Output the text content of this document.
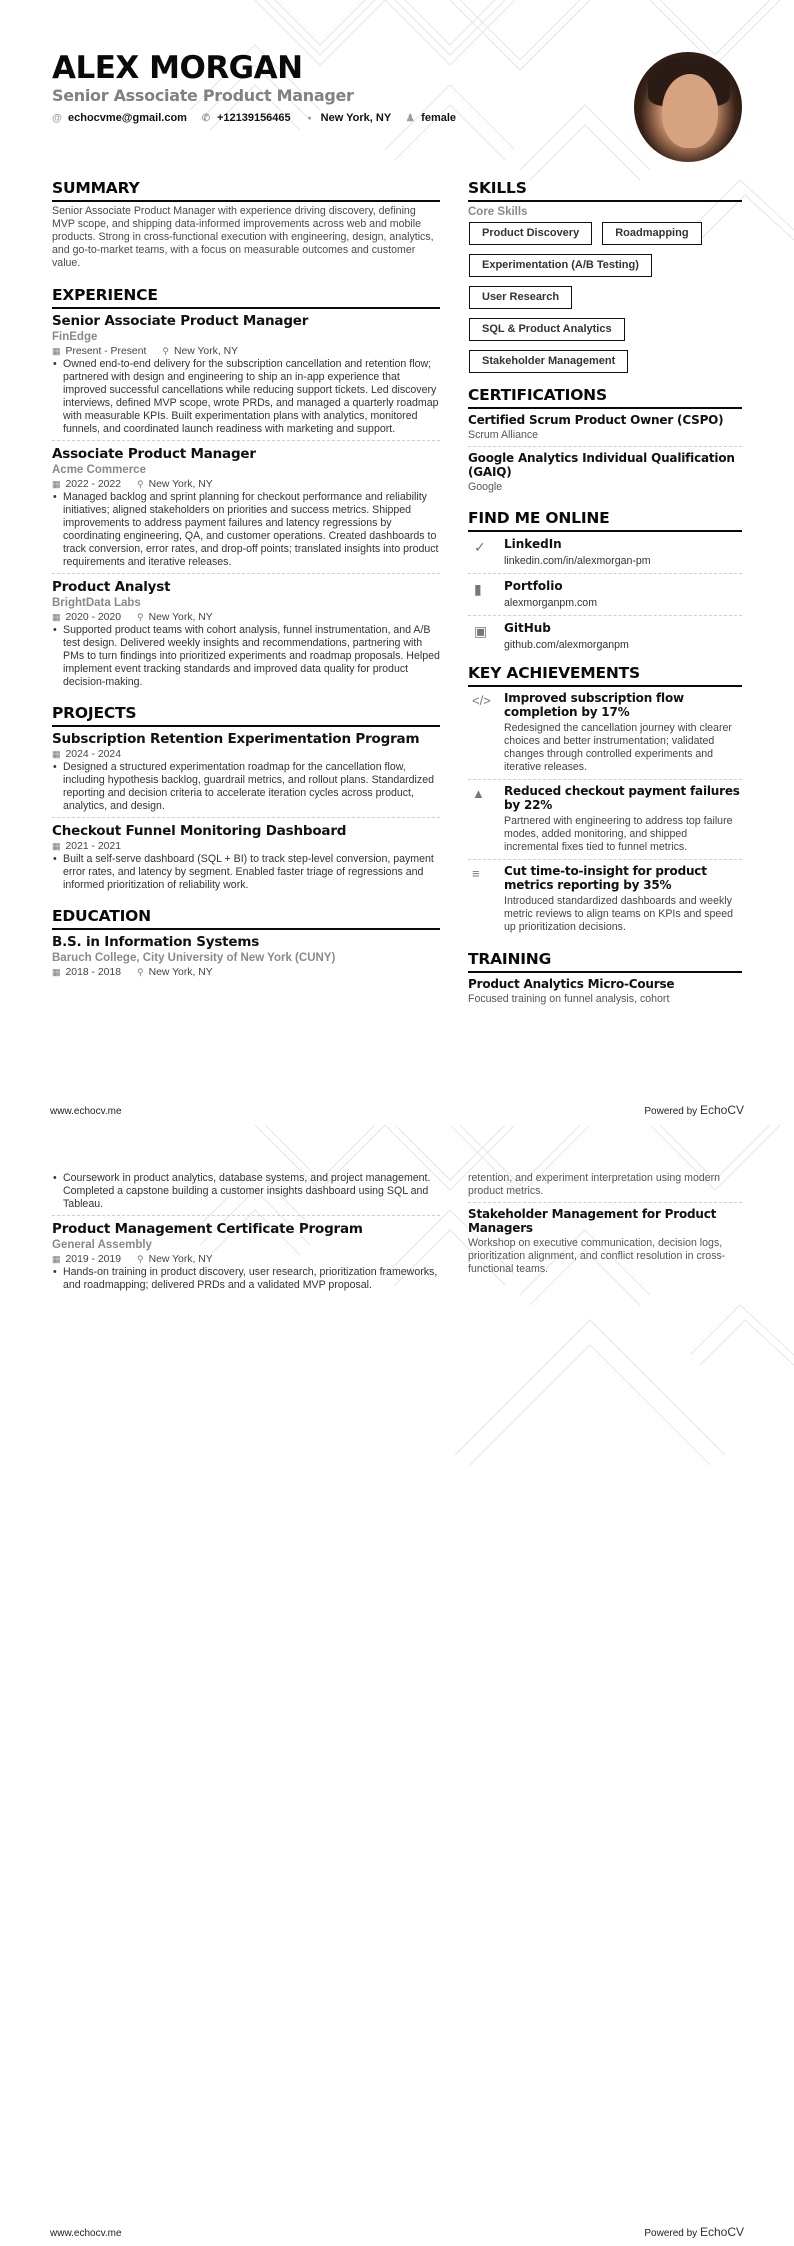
ALEX MORGAN
Senior Associate Product Manager
@ echocvme@gmail.com ✆ +12139156465	● New York, NY ♟ female
SUMMARY
Senior Associate Product Manager with experience driving discovery, defining MVP scope, and shipping data-informed improvements across web and mobile products. Strong in cross-functional execution with engineering, design, analytics, and go-to-market teams, with a focus on measurable outcomes and customer value.
EXPERIENCE
Senior Associate Product Manager
FinEdge
▦ Present - Present ⚲ New York, NY
• Owned end-to-end delivery for the subscription cancellation and retention flow; partnered with design and engineering to ship an in-app experience that improved successful cancellations while reducing support tickets. Led discovery interviews, defined MVP scope, wrote PRDs, and managed a quarterly roadmap with measurable KPIs. Built experimentation plans with analytics, monitored funnels, and coordinated launch readiness with marketing and support.
Associate Product Manager
Acme Commerce
▦ 2022 - 2022 ⚲ New York, NY
• Managed backlog and sprint planning for checkout performance and reliability initiatives; aligned stakeholders on priorities and success metrics. Shipped improvements to address payment failures and latency regressions by coordinating engineering, QA, and customer operations. Created dashboards to track conversion, error rates, and drop-off points; translated insights into product requirements and iterative releases.
Product Analyst
BrightData Labs
▦ 2020 - 2020 ⚲ New York, NY
• Supported product teams with cohort analysis, funnel instrumentation, and A/B test design. Delivered weekly insights and recommendations, partnering with PMs to turn findings into prioritized experiments and roadmap proposals. Helped implement event tracking standards and improved data quality for product decision-making.
PROJECTS
Subscription Retention Experimentation Program
▦ 2024 - 2024
• Designed a structured experimentation roadmap for the cancellation flow, including hypothesis backlog, guardrail metrics, and rollout plans. Standardized reporting and decision criteria to accelerate iteration cycles across product, analytics, and design.
Checkout Funnel Monitoring Dashboard
▦ 2021 - 2021
• Built a self-serve dashboard (SQL + BI) to track step-level conversion, payment error rates, and latency by segment. Enabled faster triage of regressions and informed prioritization of reliability work.
EDUCATION
B.S. in Information Systems
Baruch College, City University of New York (CUNY)
▦ 2018 - 2018 ⚲ New York, NY
SKILLS
Core Skills
Product Discovery	Roadmapping
Experimentation (A/B Testing)
User Research
SQL & Product Analytics
Stakeholder Management
CERTIFICATIONS
Certified Scrum Product Owner (CSPO)
Scrum Alliance
Google Analytics Individual Qualification (GAIQ)
Google
FIND ME ONLINE
✓	LinkedIn
linkedin.com/in/alexmorgan-pm
▮	Portfolio
alexmorganpm.com
▣	GitHub
github.com/alexmorganpm
KEY ACHIEVEMENTS
</>	Improved subscription flow completion by 17%
Redesigned the cancellation journey with clearer choices and better instrumentation; validated changes through controlled experiments and iterative releases.
▲	Reduced checkout payment failures by 22%
Partnered with engineering to address top failure modes, added monitoring, and shipped incremental fixes tied to funnel metrics.
≡	Cut time-to-insight for product metrics reporting by 35%
Introduced standardized dashboards and weekly metric reviews to align teams on KPIs and speed up prioritization decisions.
TRAINING
Product Analytics Micro-Course
Focused training on funnel analysis, cohort
www.echocv.me	Powered by EchoCV
• Coursework in product analytics, database systems, and project management. Completed a capstone building a customer insights dashboard using SQL and Tableau.
Product Management Certificate Program
General Assembly
▦ 2019 - 2019 ⚲ New York, NY
• Hands-on training in product discovery, user research, prioritization frameworks, and roadmapping; delivered PRDs and a validated MVP proposal.
retention, and experiment interpretation using modern product metrics.
Stakeholder Management for Product Managers
Workshop on executive communication, decision logs, prioritization alignment, and conflict resolution in cross-functional teams.
www.echocv.me	Powered by EchoCV
